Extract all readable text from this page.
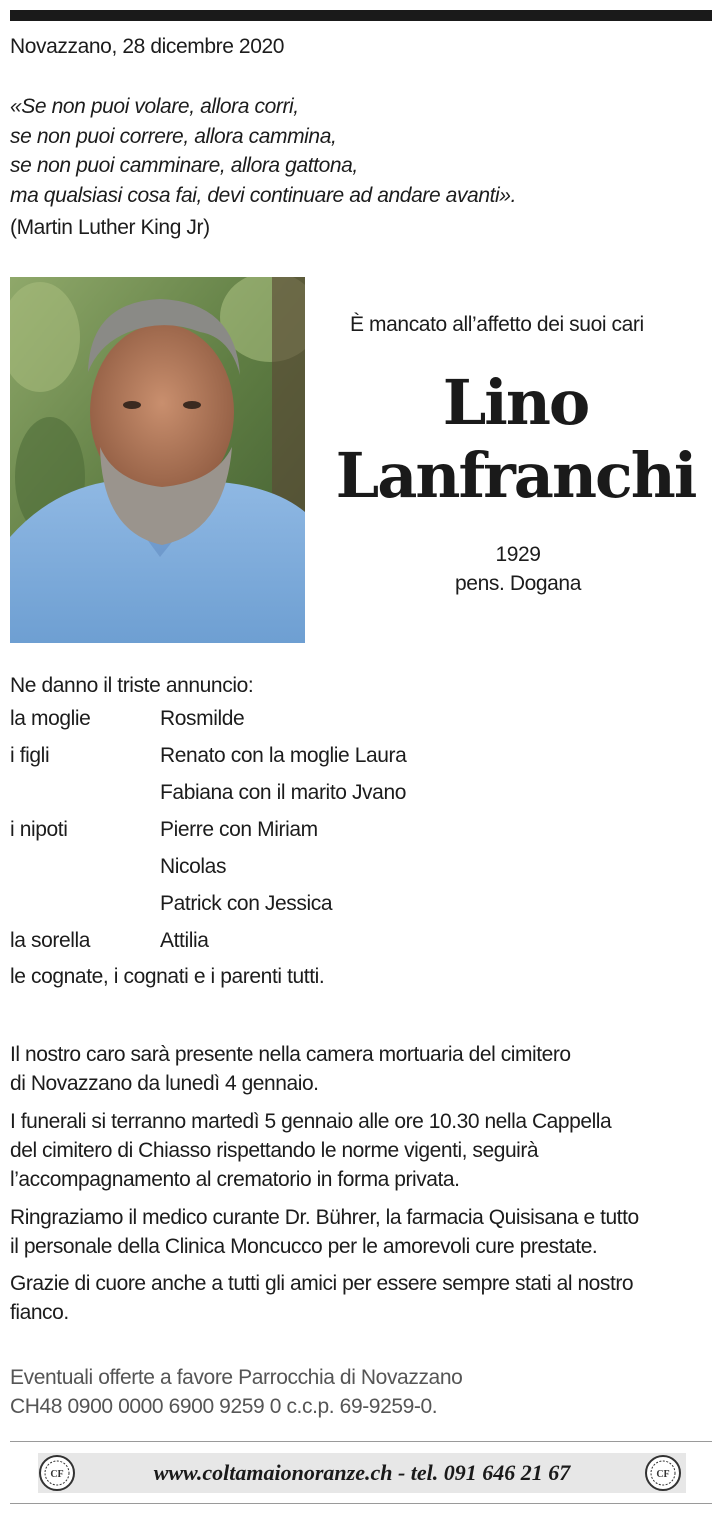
Novazzano, 28 dicembre 2020
«Se non puoi volare, allora corri,
se non puoi correre, allora cammina,
se non puoi camminare, allora gattona,
ma qualsiasi cosa fai, devi continuare ad andare avanti».
(Martin Luther King Jr)
È mancato all’affetto dei suoi cari
Lino
Lanfranchi
1929
pens. Dogana
Ne danno il triste annuncio:
la moglie	Rosmilde
i figli	Renato con la moglie Laura
Fabiana con il marito Jvano
i nipoti	Pierre con Miriam
Nicolas
Patrick con Jessica
la sorella	Attilia
le cognate, i cognati e i parenti tutti.
Il nostro caro sarà presente nella camera mortuaria del cimitero
di Novazzano da lunedì 4 gennaio.
I funerali si terranno martedì 5 gennaio alle ore 10.30 nella Cappella
del cimitero di Chiasso rispettando le norme vigenti, seguirà
l’accompagnamento al crematorio in forma privata.
Ringraziamo il medico curante Dr. Bührer, la farmacia Quisisana e tutto
il personale della Clinica Moncucco per le amorevoli cure prestate.
Grazie di cuore anche a tutti gli amici per essere sempre stati al nostro
fianco.
Eventuali offerte a favore Parrocchia di Novazzano
CH48 0900 0000 6900 9259 0 c.c.p. 69-9259-0.
www.coltamaionoranze.ch - tel. 091 646 21 67
CF	CF
